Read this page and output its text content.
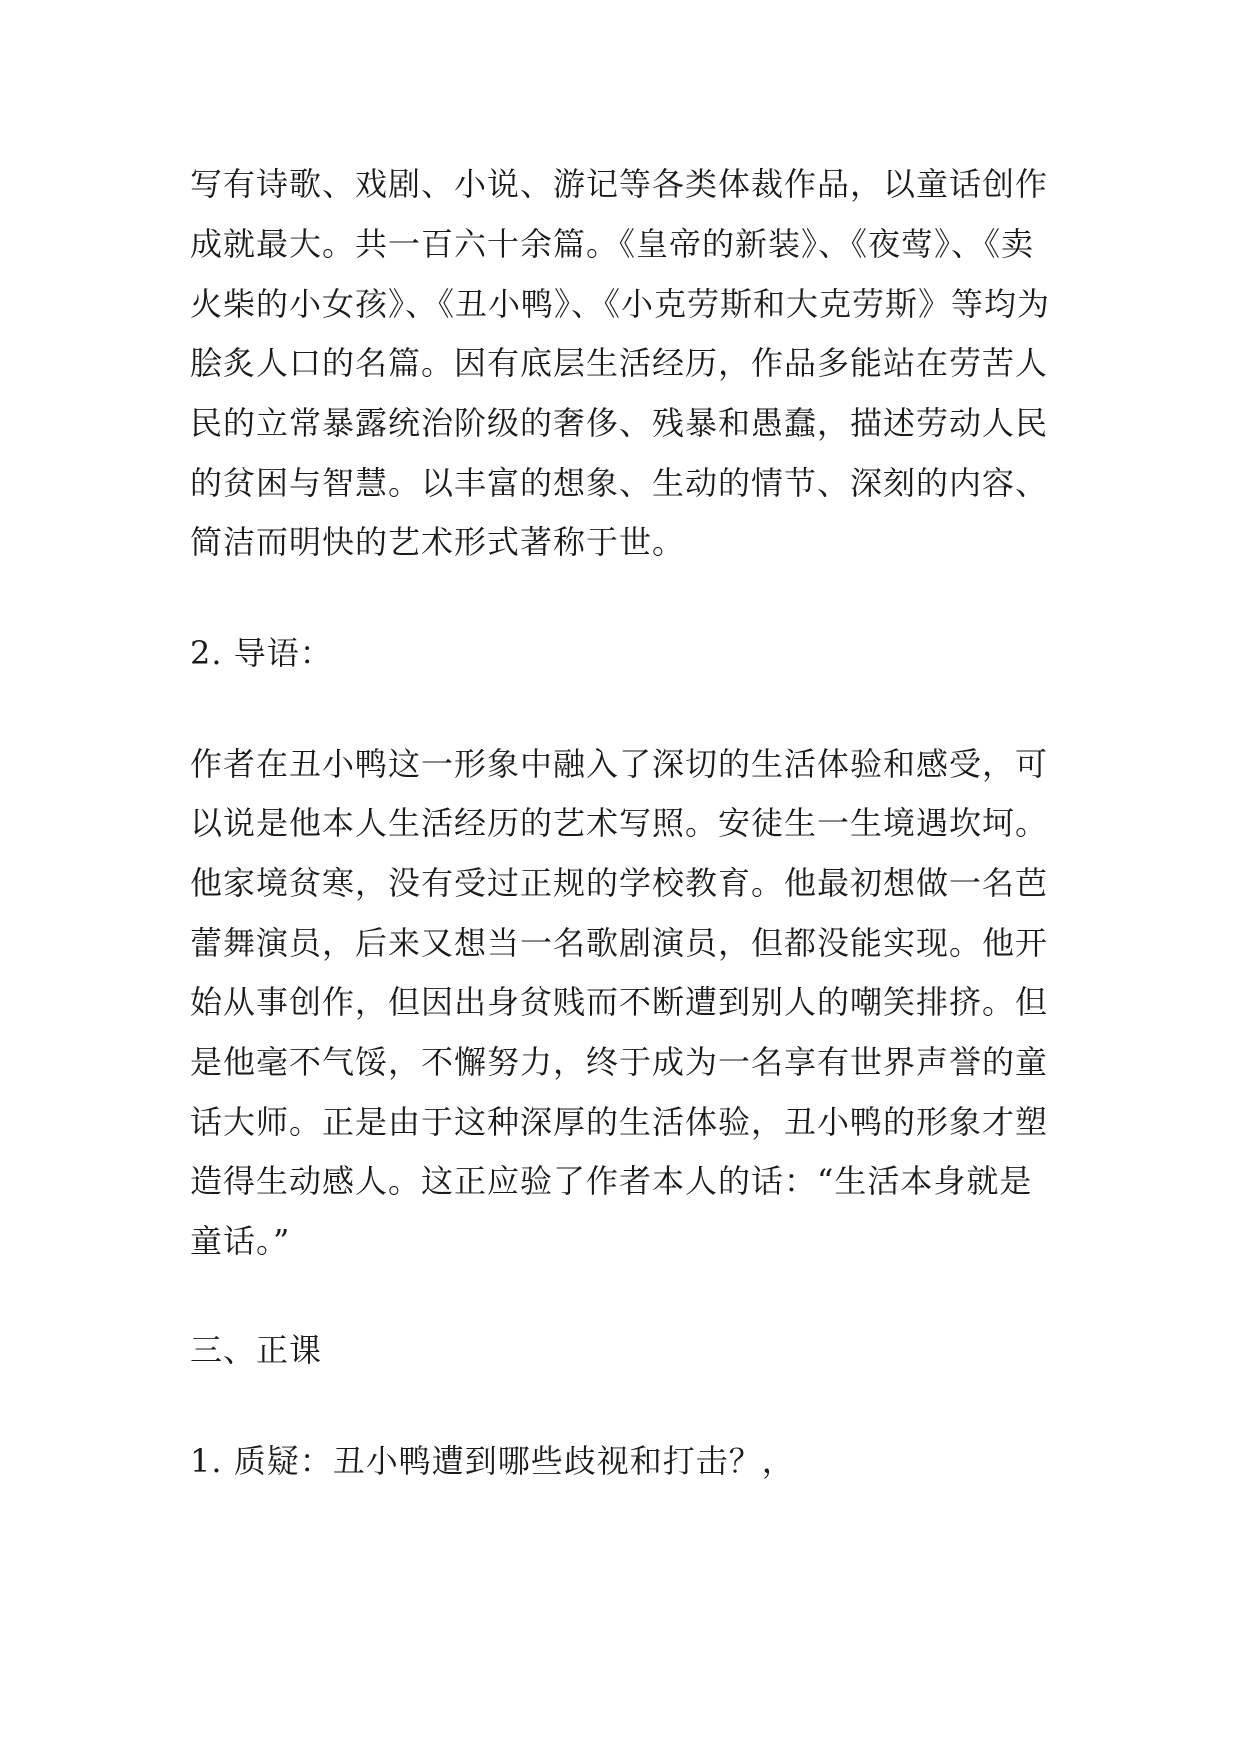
写有诗歌、戏剧、小说、游记等各类体裁作品，以童话创作
成就最大。共一百六十余篇。《皇帝的新装》、《夜莺》、《卖
火柴的小女孩》、《丑小鸭》、《小克劳斯和大克劳斯》等均为
脍炙人口的名篇。因有底层生活经历，作品多能站在劳苦人
民的立常暴露统治阶级的奢侈、残暴和愚蠢，描述劳动人民
的贫困与智慧。以丰富的想象、生动的情节、深刻的内容、
简洁而明快的艺术形式著称于世。
2. 导语：
作者在丑小鸭这一形象中融入了深切的生活体验和感受，可
以说是他本人生活经历的艺术写照。安徒生一生境遇坎坷。
他家境贫寒，没有受过正规的学校教育。他最初想做一名芭
蕾舞演员，后来又想当一名歌剧演员，但都没能实现。他开
始从事创作，但因出身贫贱而不断遭到别人的嘲笑排挤。但
是他毫不气馁，不懈努力，终于成为一名享有世界声誉的童
话大师。正是由于这种深厚的生活体验，丑小鸭的形象才塑
造得生动感人。这正应验了作者本人的话：“生活本身就是
童话。”
三、正课
1. 质疑：丑小鸭遭到哪些歧视和打击？，
